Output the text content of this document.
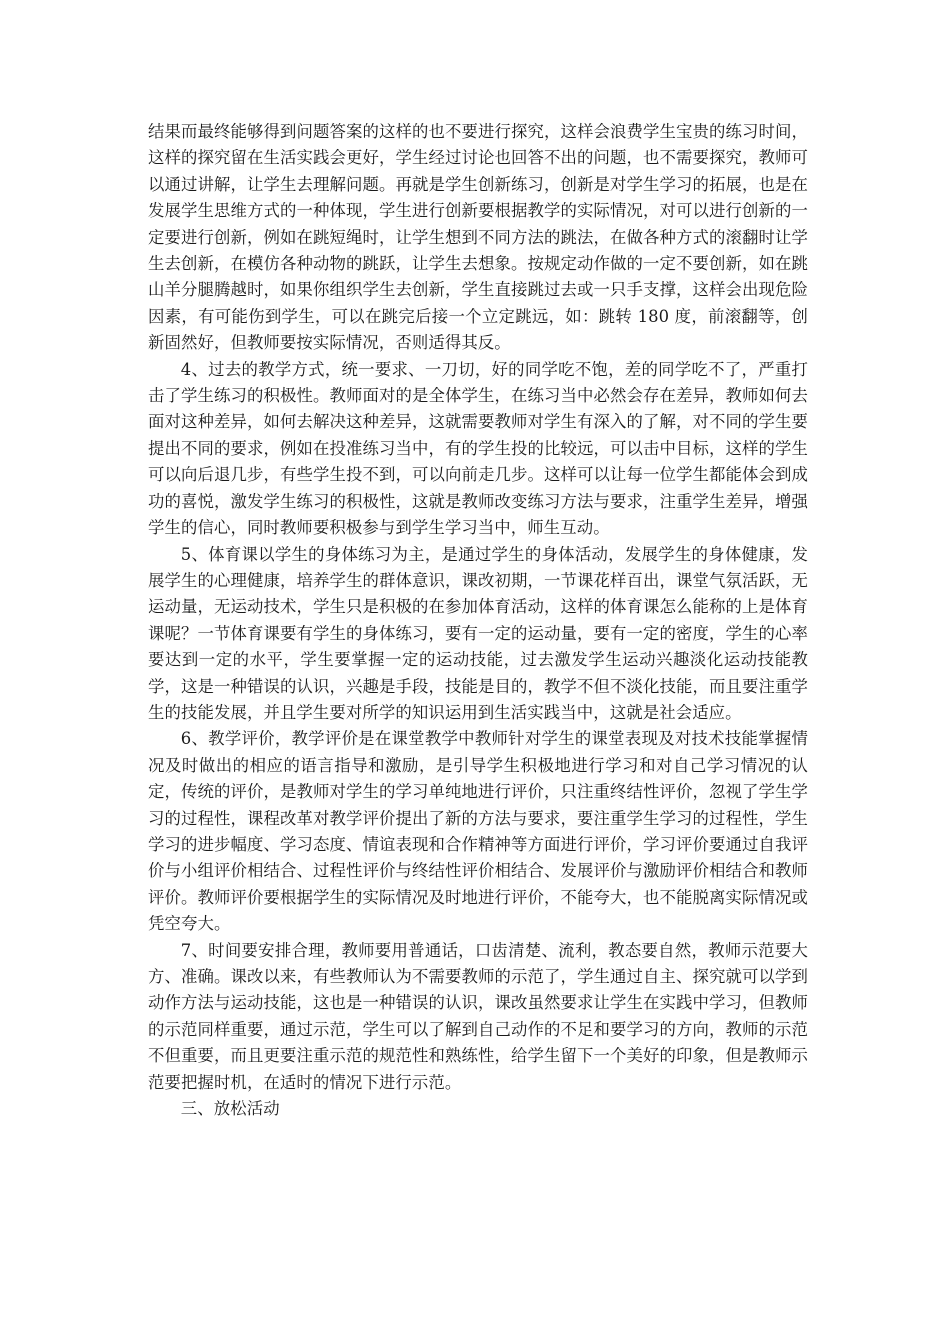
结果而最终能够得到问题答案的这样的也不要进行探究，这样会浪费学生宝贵的练习时间，这样的探究留在生活实践会更好，学生经过讨论也回答不出的问题，也不需要探究，教师可以通过讲解，让学生去理解问题。再就是学生创新练习，创新是对学生学习的拓展，也是在发展学生思维方式的一种体现，学生进行创新要根据教学的实际情况，对可以进行创新的一定要进行创新，例如在跳短绳时，让学生想到不同方法的跳法，在做各种方式的滚翻时让学生去创新，在模仿各种动物的跳跃，让学生去想象。按规定动作做的一定不要创新，如在跳山羊分腿腾越时，如果你组织学生去创新，学生直接跳过去或一只手支撑，这样会出现危险因素，有可能伤到学生，可以在跳完后接一个立定跳远，如：跳转 180 度，前滚翻等，创新固然好，但教师要按实际情况，否则适得其反。

4、过去的教学方式，统一要求、一刀切，好的同学吃不饱，差的同学吃不了，严重打击了学生练习的积极性。教师面对的是全体学生，在练习当中必然会存在差异，教师如何去面对这种差异，如何去解决这种差异，这就需要教师对学生有深入的了解，对不同的学生要提出不同的要求，例如在投准练习当中，有的学生投的比较远，可以击中目标，这样的学生可以向后退几步，有些学生投不到，可以向前走几步。这样可以让每一位学生都能体会到成功的喜悦，激发学生练习的积极性，这就是教师改变练习方法与要求，注重学生差异，增强学生的信心，同时教师要积极参与到学生学习当中，师生互动。

5、体育课以学生的身体练习为主，是通过学生的身体活动，发展学生的身体健康，发展学生的心理健康，培养学生的群体意识，课改初期，一节课花样百出，课堂气氛活跃，无运动量，无运动技术，学生只是积极的在参加体育活动，这样的体育课怎么能称的上是体育课呢？一节体育课要有学生的身体练习，要有一定的运动量，要有一定的密度，学生的心率要达到一定的水平，学生要掌握一定的运动技能，过去激发学生运动兴趣淡化运动技能教学，这是一种错误的认识，兴趣是手段，技能是目的，教学不但不淡化技能，而且要注重学生的技能发展，并且学生要对所学的知识运用到生活实践当中，这就是社会适应。

6、教学评价，教学评价是在课堂教学中教师针对学生的课堂表现及对技术技能掌握情况及时做出的相应的语言指导和激励，是引导学生积极地进行学习和对自己学习情况的认定，传统的评价，是教师对学生的学习单纯地进行评价，只注重终结性评价，忽视了学生学习的过程性，课程改革对教学评价提出了新的方法与要求，要注重学生学习的过程性，学生学习的进步幅度、学习态度、情谊表现和合作精神等方面进行评价，学习评价要通过自我评价与小组评价相结合、过程性评价与终结性评价相结合、发展评价与激励评价相结合和教师评价。教师评价要根据学生的实际情况及时地进行评价，不能夸大，也不能脱离实际情况或凭空夸大。

7、时间要安排合理，教师要用普通话，口齿清楚、流利，教态要自然，教师示范要大方、准确。课改以来，有些教师认为不需要教师的示范了，学生通过自主、探究就可以学到动作方法与运动技能，这也是一种错误的认识，课改虽然要求让学生在实践中学习，但教师的示范同样重要，通过示范，学生可以了解到自己动作的不足和要学习的方向，教师的示范不但重要，而且更要注重示范的规范性和熟练性，给学生留下一个美好的印象，但是教师示范要把握时机，在适时的情况下进行示范。

三、放松活动
